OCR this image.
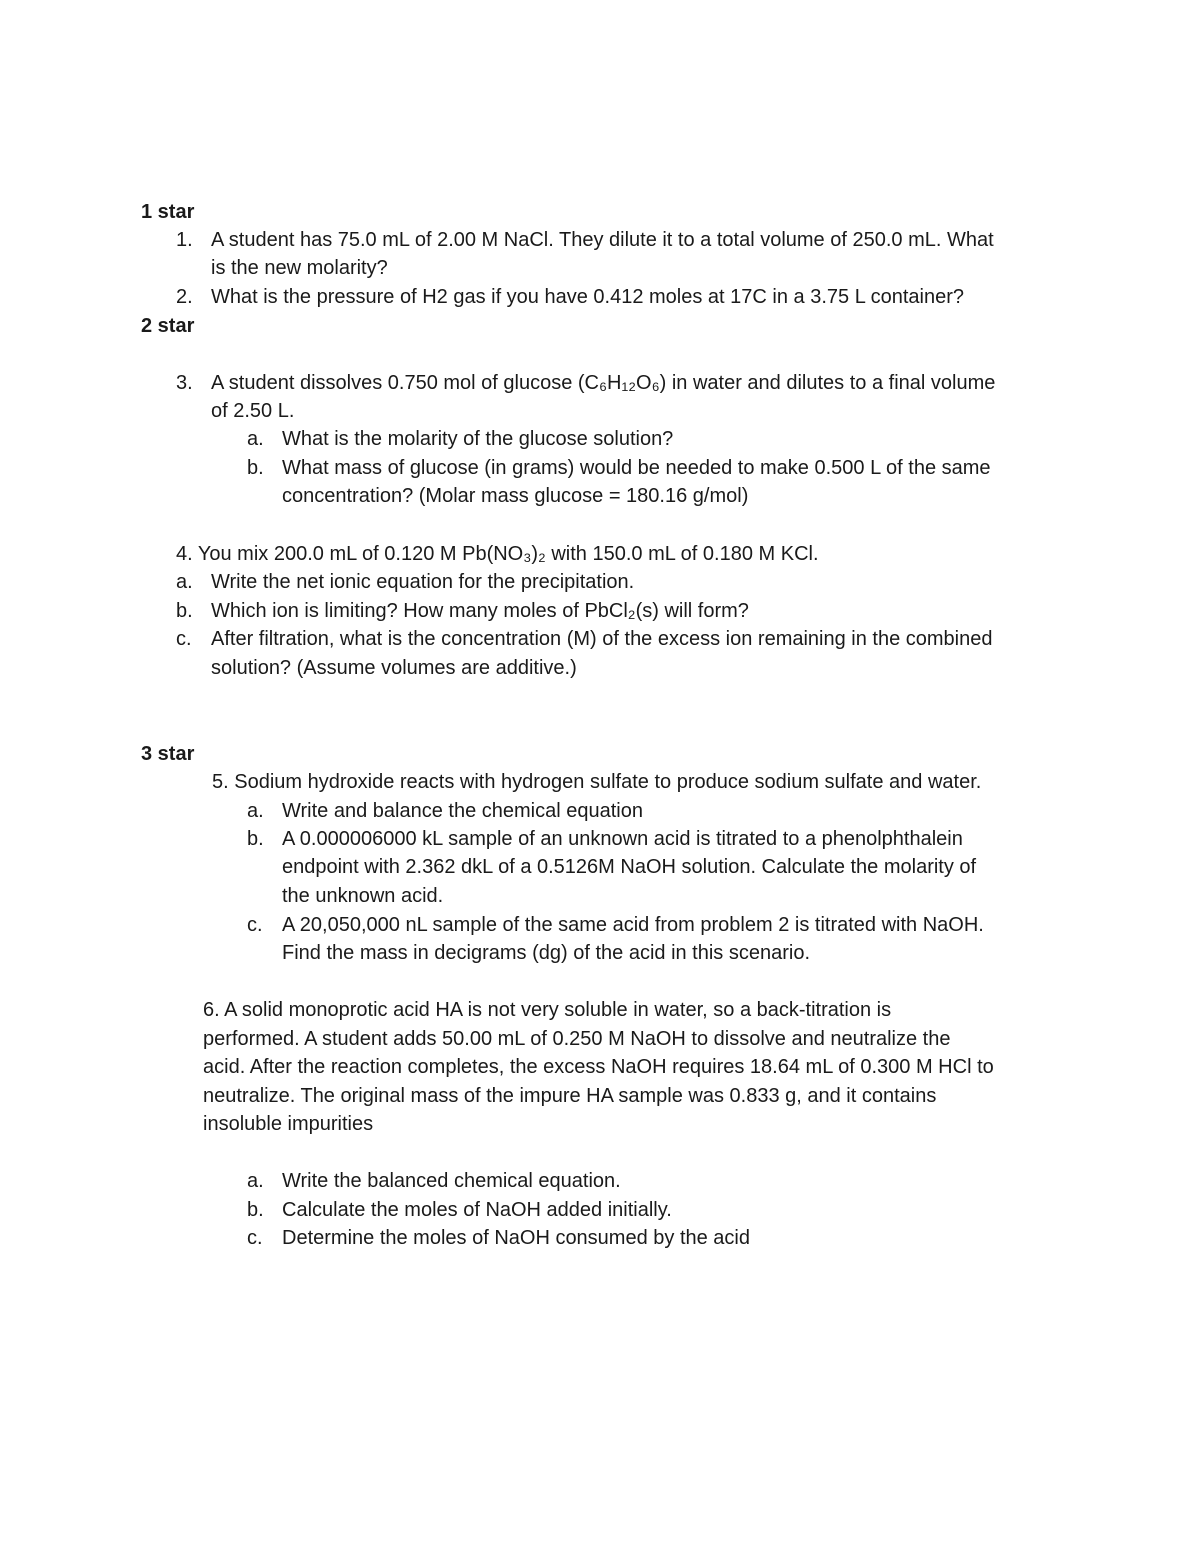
1 star
1. A student has 75.0 mL of 2.00 M NaCl. They dilute it to a total volume of 250.0 mL. What
is the new molarity?
2. What is the pressure of H2 gas if you have 0.412 moles at 17C in a 3.75 L container?
2 star
3. A student dissolves 0.750 mol of glucose (C₆H₁₂O₆) in water and dilutes to a final volume
of 2.50 L.
a. What is the molarity of the glucose solution?
b. What mass of glucose (in grams) would be needed to make 0.500 L of the same
concentration? (Molar mass glucose = 180.16 g/mol)
4. You mix 200.0 mL of 0.120 M Pb(NO₃)₂ with 150.0 mL of 0.180 M KCl.
a. Write the net ionic equation for the precipitation.
b. Which ion is limiting? How many moles of PbCl₂(s) will form?
c. After filtration, what is the concentration (M) of the excess ion remaining in the combined
solution? (Assume volumes are additive.)
3 star
5. Sodium hydroxide reacts with hydrogen sulfate to produce sodium sulfate and water.
a. Write and balance the chemical equation
b. A 0.000006000 kL sample of an unknown acid is titrated to a phenolphthalein
endpoint with 2.362 dkL of a 0.5126M NaOH solution. Calculate the molarity of
the unknown acid.
c. A 20,050,000 nL sample of the same acid from problem 2 is titrated with NaOH.
Find the mass in decigrams (dg) of the acid in this scenario.
6. A solid monoprotic acid HA is not very soluble in water, so a back-titration is
performed. A student adds 50.00 mL of 0.250 M NaOH to dissolve and neutralize the
acid. After the reaction completes, the excess NaOH requires 18.64 mL of 0.300 M HCl to
neutralize. The original mass of the impure HA sample was 0.833 g, and it contains
insoluble impurities
a. Write the balanced chemical equation.
b. Calculate the moles of NaOH added initially.
c. Determine the moles of NaOH consumed by the acid
